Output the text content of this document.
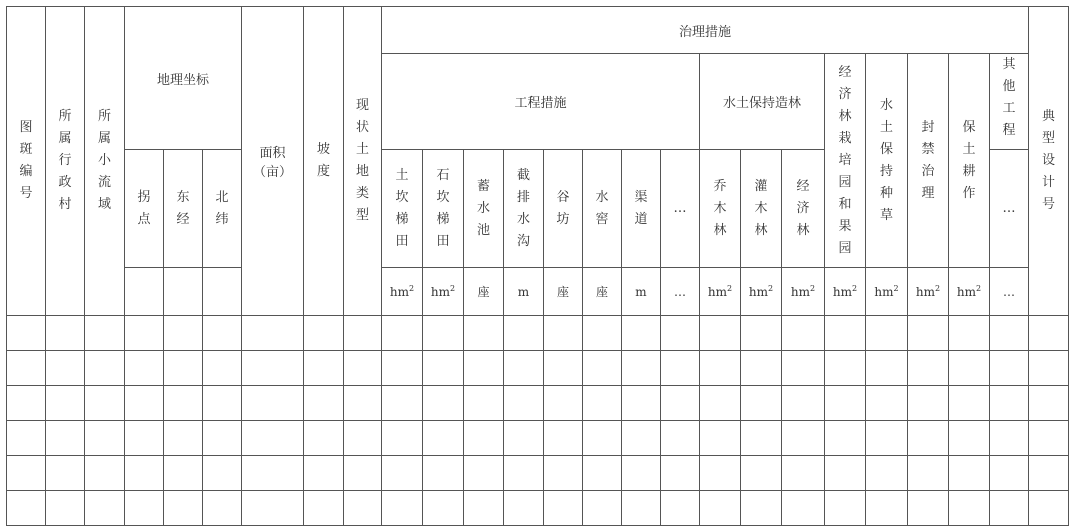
图斑编号	所属行政村	所属小流域	地理坐标			面积（亩）	坡度	现状土地类型	治理措施																典型设计号

									工程措施								水土保持造林			经济林栽培园和果园	水土保持种草	封禁治理	保土耕作	其他工程	

			拐点	东经	北纬				土坎梯田	石坎梯田	蓄水池	截排水沟	谷坊	水窖	渠道	…	乔木林	灌木林	经济林					…	
									$hm^2$	$hm^2$	座	m	座	座	m	…	$hm^2$	$hm^2$	$hm^2$	$hm^2$	$hm^2$	$hm^2$	$hm^2$	…	
